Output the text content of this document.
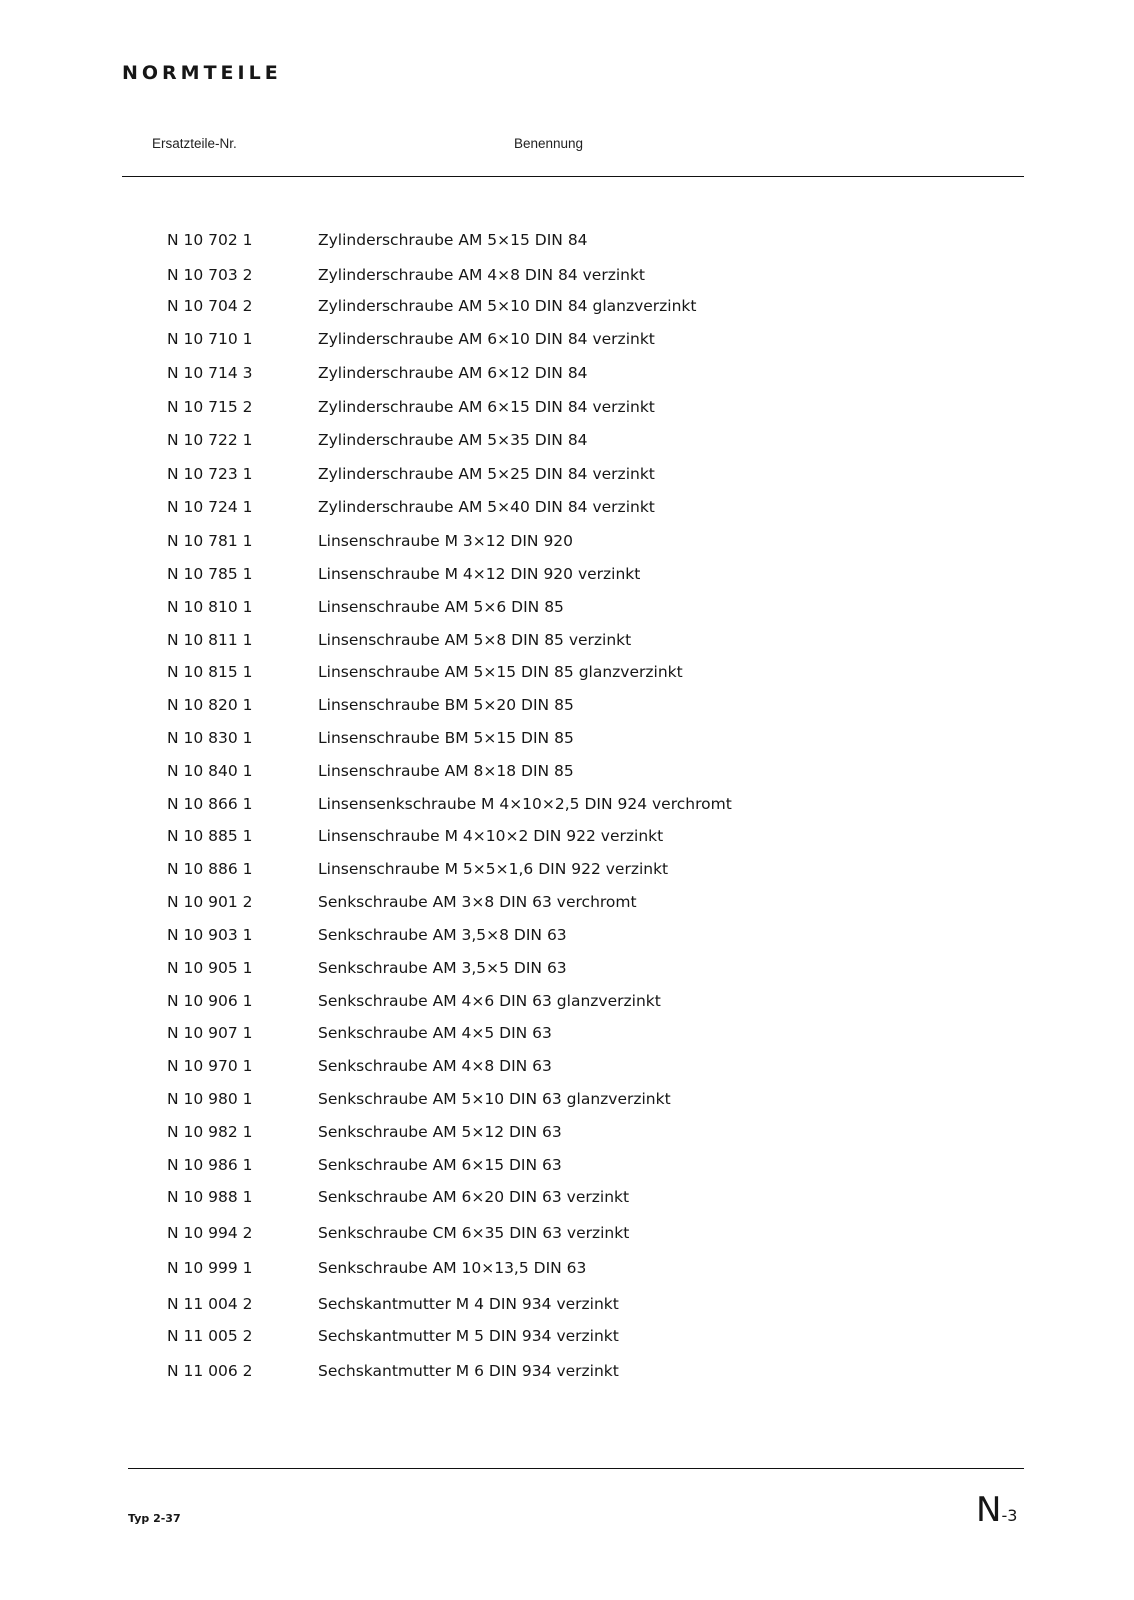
NORMTEILE
Ersatzteile-Nr.	Benennung
N 10 702 1	Zylinderschraube AM 5×15 DIN 84
N 10 703 2	Zylinderschraube AM 4×8 DIN 84 verzinkt
N 10 704 2	Zylinderschraube AM 5×10 DIN 84 glanzverzinkt
N 10 710 1	Zylinderschraube AM 6×10 DIN 84 verzinkt
N 10 714 3	Zylinderschraube AM 6×12 DIN 84
N 10 715 2	Zylinderschraube AM 6×15 DIN 84 verzinkt
N 10 722 1	Zylinderschraube AM 5×35 DIN 84
N 10 723 1	Zylinderschraube AM 5×25 DIN 84 verzinkt
N 10 724 1	Zylinderschraube AM 5×40 DIN 84 verzinkt
N 10 781 1	Linsenschraube M 3×12 DIN 920
N 10 785 1	Linsenschraube M 4×12 DIN 920 verzinkt
N 10 810 1	Linsenschraube AM 5×6 DIN 85
N 10 811 1	Linsenschraube AM 5×8 DIN 85 verzinkt
N 10 815 1	Linsenschraube AM 5×15 DIN 85 glanzverzinkt
N 10 820 1	Linsenschraube BM 5×20 DIN 85
N 10 830 1	Linsenschraube BM 5×15 DIN 85
N 10 840 1	Linsenschraube AM 8×18 DIN 85
N 10 866 1	Linsensenkschraube M 4×10×2,5 DIN 924 verchromt
N 10 885 1	Linsenschraube M 4×10×2 DIN 922 verzinkt
N 10 886 1	Linsenschraube M 5×5×1,6 DIN 922 verzinkt
N 10 901 2	Senkschraube AM 3×8 DIN 63 verchromt
N 10 903 1	Senkschraube AM 3,5×8 DIN 63
N 10 905 1	Senkschraube AM 3,5×5 DIN 63
N 10 906 1	Senkschraube AM 4×6 DIN 63 glanzverzinkt
N 10 907 1	Senkschraube AM 4×5 DIN 63
N 10 970 1	Senkschraube AM 4×8 DIN 63
N 10 980 1	Senkschraube AM 5×10 DIN 63 glanzverzinkt
N 10 982 1	Senkschraube AM 5×12 DIN 63
N 10 986 1	Senkschraube AM 6×15 DIN 63
N 10 988 1	Senkschraube AM 6×20 DIN 63 verzinkt
N 10 994 2	Senkschraube CM 6×35 DIN 63 verzinkt
N 10 999 1	Senkschraube AM 10×13,5 DIN 63
N 11 004 2	Sechskantmutter M 4 DIN 934 verzinkt
N 11 005 2	Sechskantmutter M 5 DIN 934 verzinkt
N 11 006 2	Sechskantmutter M 6 DIN 934 verzinkt
Typ 2-37	N-3
